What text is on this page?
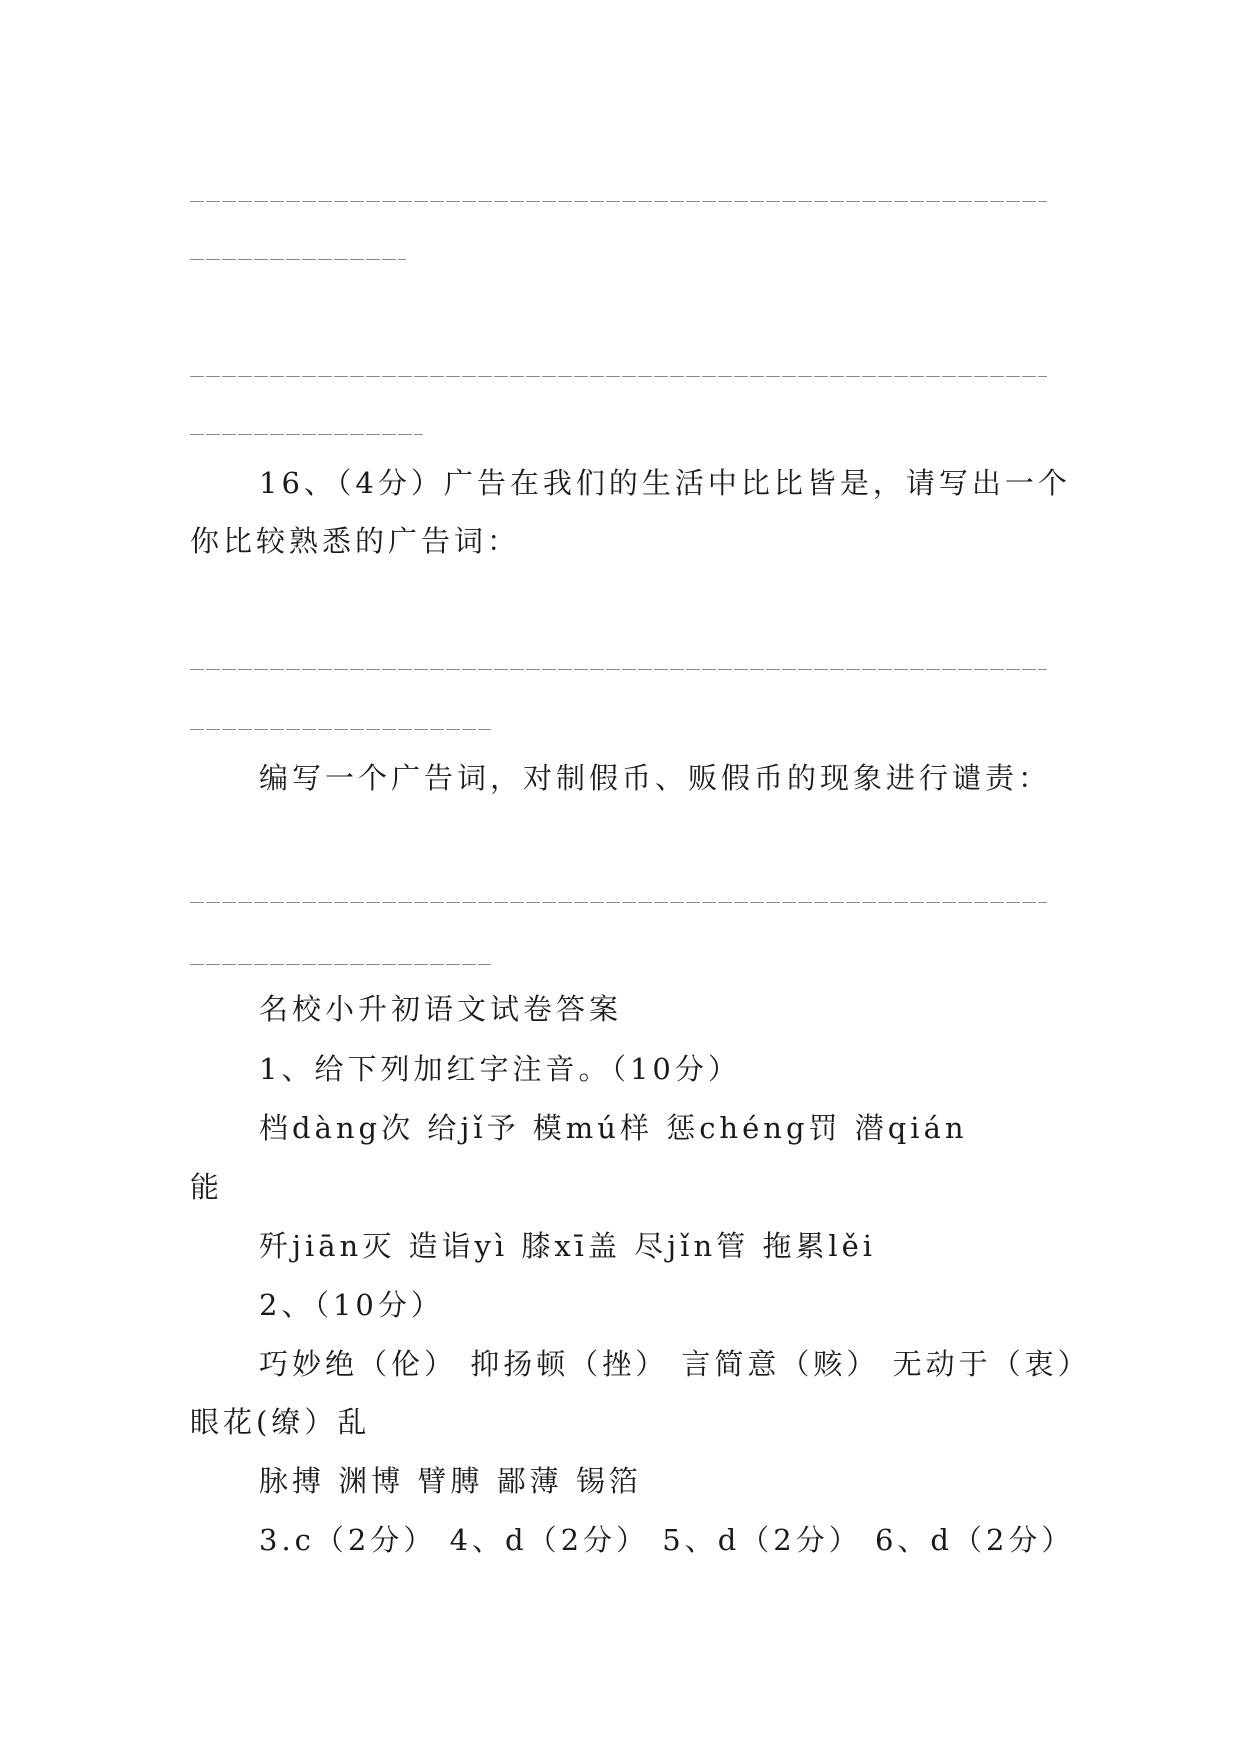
16、（4分）广告在我们的生活中比比皆是，请写出一个
你比较熟悉的广告词：
编写一个广告词，对制假币、贩假币的现象进行谴责：
名校小升初语文试卷答案
1、给下列加红字注音。（10分）
档dàng次 给jǐ予 模mú样 惩chéng罚 潜qián
能
歼jiān灭 造诣yì 膝xī盖 尽jǐn管 拖累lěi
2、（10分）
巧妙绝（伦） 抑扬顿（挫） 言简意（赅） 无动于（衷）
眼花(缭）乱
脉搏 渊博 臂膊 鄙薄 锡箔
3.c（2分） 4、d（2分） 5、d（2分） 6、d（2分）
